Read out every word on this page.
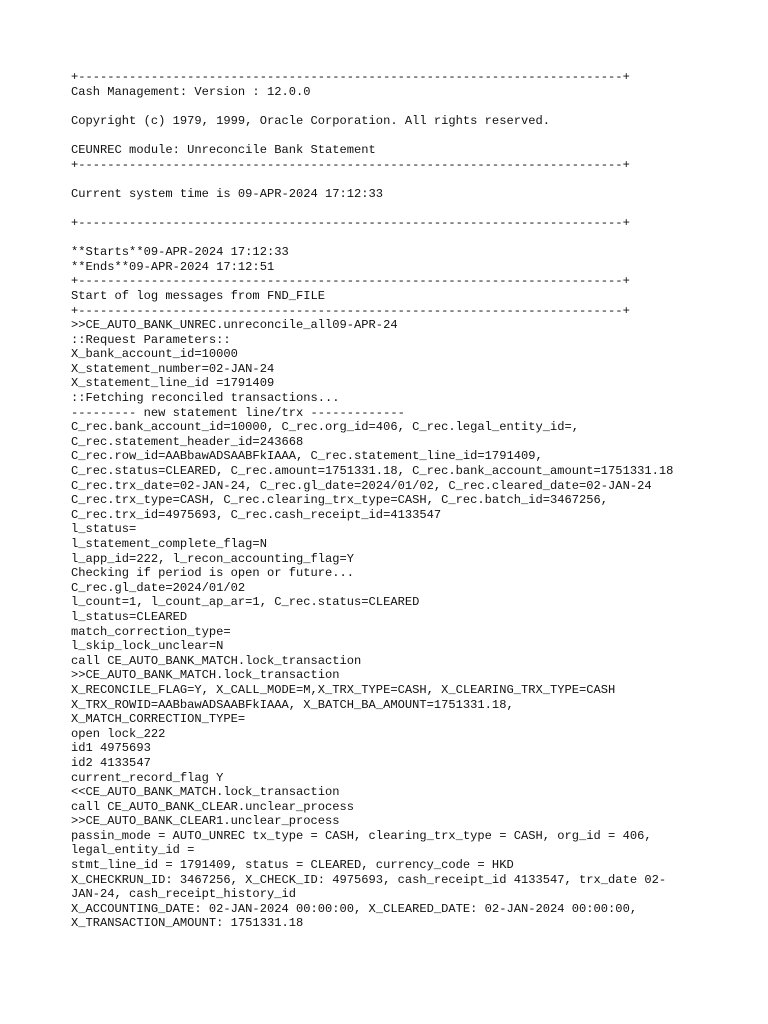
+---------------------------------------------------------------------------+
Cash Management: Version : 12.0.0
Copyright (c) 1979, 1999, Oracle Corporation. All rights reserved.
CEUNREC module: Unreconcile Bank Statement
+---------------------------------------------------------------------------+
Current system time is 09-APR-2024 17:12:33
+---------------------------------------------------------------------------+
**Starts**09-APR-2024 17:12:33
**Ends**09-APR-2024 17:12:51
+---------------------------------------------------------------------------+
Start of log messages from FND_FILE
+---------------------------------------------------------------------------+
>>CE_AUTO_BANK_UNREC.unreconcile_all09-APR-24
::Request Parameters::
X_bank_account_id=10000
X_statement_number=02-JAN-24
X_statement_line_id =1791409
::Fetching reconciled transactions...
--------- new statement line/trx -------------
C_rec.bank_account_id=10000, C_rec.org_id=406, C_rec.legal_entity_id=,
C_rec.statement_header_id=243668
C_rec.row_id=AABbawADSAABFkIAAA, C_rec.statement_line_id=1791409,
C_rec.status=CLEARED, C_rec.amount=1751331.18, C_rec.bank_account_amount=1751331.18
C_rec.trx_date=02-JAN-24, C_rec.gl_date=2024/01/02, C_rec.cleared_date=02-JAN-24
C_rec.trx_type=CASH, C_rec.clearing_trx_type=CASH, C_rec.batch_id=3467256,
C_rec.trx_id=4975693, C_rec.cash_receipt_id=4133547
l_status=
l_statement_complete_flag=N
l_app_id=222, l_recon_accounting_flag=Y
Checking if period is open or future...
C_rec.gl_date=2024/01/02
l_count=1, l_count_ap_ar=1, C_rec.status=CLEARED
l_status=CLEARED
match_correction_type=
l_skip_lock_unclear=N
call CE_AUTO_BANK_MATCH.lock_transaction
>>CE_AUTO_BANK_MATCH.lock_transaction
X_RECONCILE_FLAG=Y, X_CALL_MODE=M,X_TRX_TYPE=CASH, X_CLEARING_TRX_TYPE=CASH
X_TRX_ROWID=AABbawADSAABFkIAAA, X_BATCH_BA_AMOUNT=1751331.18,
X_MATCH_CORRECTION_TYPE=
open lock_222
id1 4975693
id2 4133547
current_record_flag Y
<<CE_AUTO_BANK_MATCH.lock_transaction
call CE_AUTO_BANK_CLEAR.unclear_process
>>CE_AUTO_BANK_CLEAR1.unclear_process
passin_mode = AUTO_UNREC tx_type = CASH, clearing_trx_type = CASH, org_id = 406,
legal_entity_id =
stmt_line_id = 1791409, status = CLEARED, currency_code = HKD
X_CHECKRUN_ID: 3467256, X_CHECK_ID: 4975693, cash_receipt_id 4133547, trx_date 02-
JAN-24, cash_receipt_history_id
X_ACCOUNTING_DATE: 02-JAN-2024 00:00:00, X_CLEARED_DATE: 02-JAN-2024 00:00:00,
X_TRANSACTION_AMOUNT: 1751331.18
